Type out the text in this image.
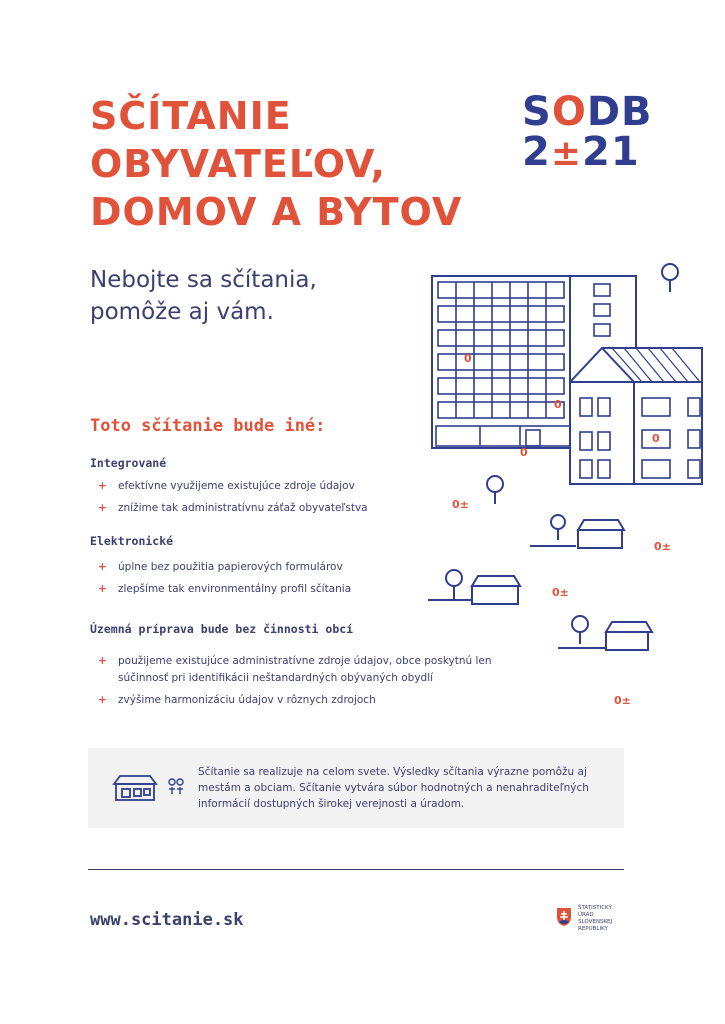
SČÍTANIE
OBYVATEĽOV,
DOMOV A BYTOV
SODB
2±21
Nebojte sa sčítania,
pomôže aj vám.
0
0
0
0
0±
0±
0±
0±
Toto sčítanie bude iné:
Integrované
+ efektívne využijeme existujúce zdroje údajov
+ znížime tak administratívnu záťaž obyvateľstva
Elektronické
+ úplne bez použitia papierových formulárov
+ zlepšíme tak environmentálny profil sčítania
Územná príprava bude bez činnosti obcí
+ použijeme existujúce administratívne zdroje údajov, obce poskytnú len súčinnosť pri identifikácii neštandardných obývaných obydlí
+ zvýšime harmonizáciu údajov v rôznych zdrojoch
Sčítanie sa realizuje na celom svete. Výsledky sčítania výrazne pomôžu aj mestám a obciam. Sčítanie vytvára súbor hodnotných a nenahraditeľných informácií dostupných širokej verejnosti a úradom.
www.scitanie.sk
ŠTATISTICKÝ
ÚRAD
SLOVENSKEJ
REPUBLIKY
